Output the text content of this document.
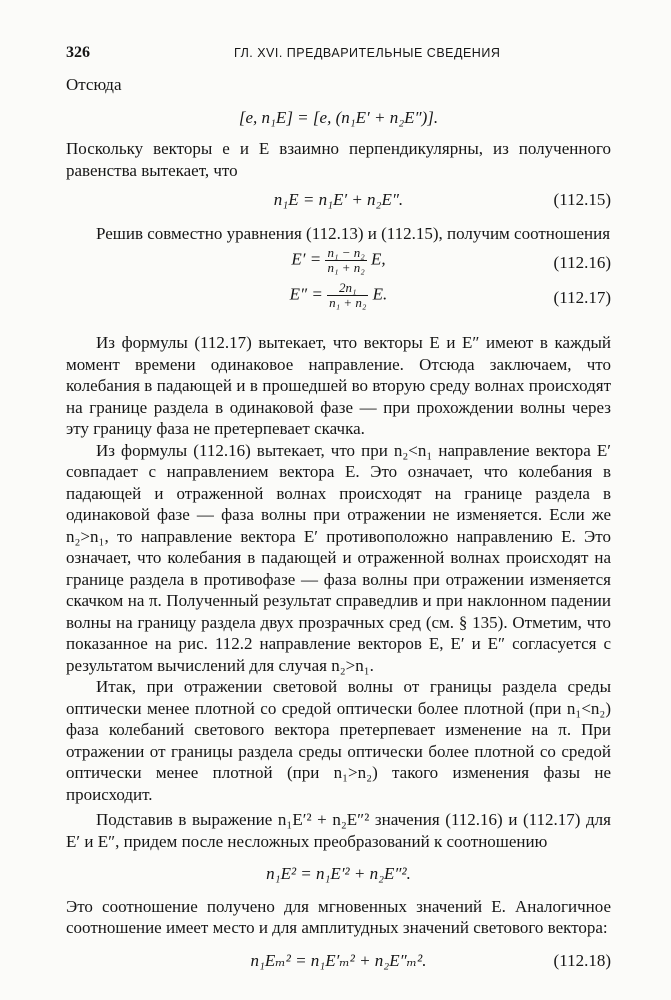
326	ГЛ. XVI. ПРЕДВАРИТЕЛЬНЫЕ СВЕДЕНИЯ

Отсюда

[e, n₁E] = [e, (n₁E′ + n₂E″)].

Поскольку векторы e и E взаимно перпендикулярны, из полученного равенства вытекает, что

n₁E = n₁E′ + n₂E″.	(112.15)

Решив совместно уравнения (112.13) и (112.15), получим соотношения

$E' = \frac{\text{n₁ − n₂}}{\text{n₁ + n₂}} E$,	(112.16)
$E'' = \frac{\text{2n₁}}{\text{n₁ + n₂}} E$.	(112.17)

Из формулы (112.17) вытекает, что векторы E и E″ имеют в каждый момент времени одинаковое направление. Отсюда заключаем, что колебания в падающей и в прошедшей во вторую среду волнах происходят на границе раздела в одинаковой фазе — при прохождении волны через эту границу фаза не претерпевает скачка.

Из формулы (112.16) вытекает, что при n₂<n₁ направление вектора E′ совпадает с направлением вектора E. Это означает, что колебания в падающей и отраженной волнах происходят на границе раздела в одинаковой фазе — фаза волны при отражении не изменяется. Если же n₂>n₁, то направление вектора E′ противоположно направлению E. Это означает, что колебания в падающей и отраженной волнах происходят на границе раздела в противофазе — фаза волны при отражении изменяется скачком на π. Полученный результат справедлив и при наклонном падении волны на границу раздела двух прозрачных сред (см. § 135). Отметим, что показанное на рис. 112.2 направление векторов E, E′ и E″ согласуется с результатом вычислений для случая n₂>n₁.

Итак, при отражении световой волны от границы раздела среды оптически менее плотной со средой оптически более плотной (при n₁<n₂) фаза колебаний светового вектора претерпевает изменение на π. При отражении от границы раздела среды оптически более плотной со средой оптически менее плотной (при n₁>n₂) такого изменения фазы не происходит.

Подставив в выражение n₁E′² + n₂E″² значения (112.16) и (112.17) для E′ и E″, придем после несложных преобразований к соотношению

n₁E² = n₁E′² + n₂E″².

Это соотношение получено для мгновенных значений E. Аналогичное соотношение имеет место и для амплитудных значений светового вектора:

n₁Eₘ² = n₁E′ₘ² + n₂E″ₘ².	(112.18)
